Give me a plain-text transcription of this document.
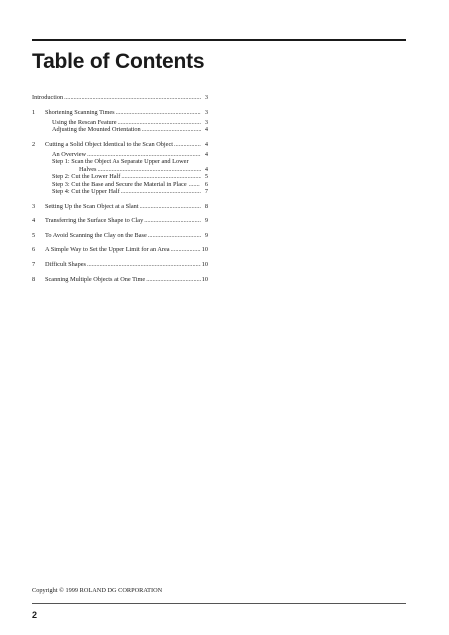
Table of Contents
Introduction .....	3
1	Shortening Scanning Times .....	3
Using the Rescan Feature .....	3
Adjusting the Mounted Orientation .....	4
2	Cutting a Solid Object Identical to the Scan Object .....	4
An Overview .....	4
Step 1: Scan the Object As Separate Upper and Lower
Halves .....	4
Step 2: Cut the Lower Half .....	5
Step 3: Cut the Base and Secure the Material in Place .....	6
Step 4: Cut the Upper Half .....	7
3	Setting Up the Scan Object at a Slant .....	8
4	Transferring the Surface Shape to Clay .....	9
5	To Avoid Scanning the Clay on the Base .....	9
6	A Simple Way to Set the Upper Limit for an Area .....	10
7	Difficult Shapes .....	10
8	Scanning Multiple Objects at One Time .....	10
Copyright © 1999 ROLAND DG CORPORATION
2
